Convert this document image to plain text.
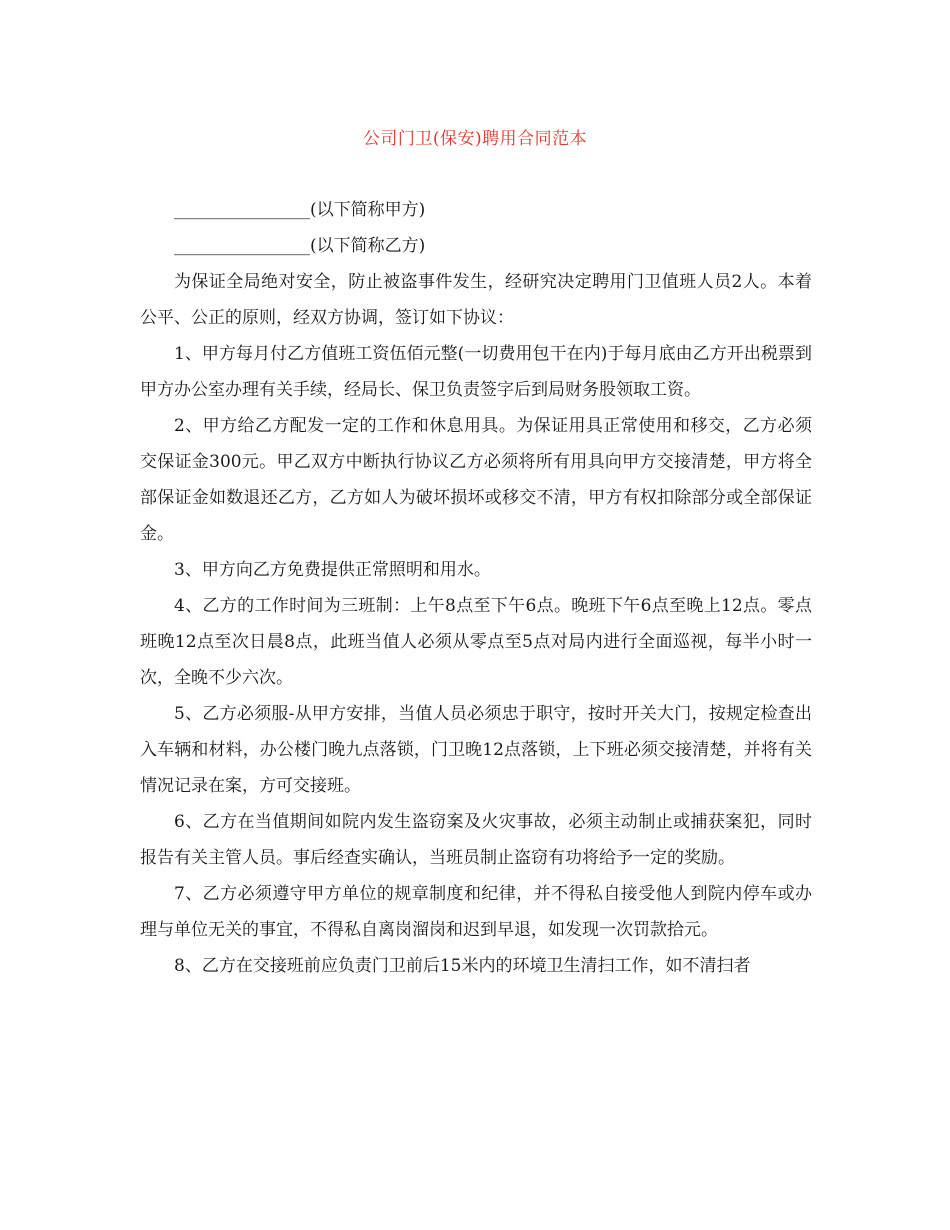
公司门卫(保安)聘用合同范本

________________(以下简称甲方)

________________(以下简称乙方)

为保证全局绝对安全，防止被盗事件发生，经研究决定聘用门卫值班人员2人。本着公平、公正的原则，经双方协调，签订如下协议：

1、甲方每月付乙方值班工资伍佰元整(一切费用包干在内)于每月底由乙方开出税票到甲方办公室办理有关手续，经局长、保卫负责签字后到局财务股领取工资。

2、甲方给乙方配发一定的工作和休息用具。为保证用具正常使用和移交，乙方必须交保证金300元。甲乙双方中断执行协议乙方必须将所有用具向甲方交接清楚，甲方将全部保证金如数退还乙方，乙方如人为破坏损坏或移交不清，甲方有权扣除部分或全部保证金。

3、甲方向乙方免费提供正常照明和用水。

4、乙方的工作时间为三班制：上午8点至下午6点。晚班下午6点至晚上12点。零点班晚12点至次日晨8点，此班当值人必须从零点至5点对局内进行全面巡视，每半小时一次，全晚不少六次。

5、乙方必须服-从甲方安排，当值人员必须忠于职守，按时开关大门，按规定检查出入车辆和材料，办公楼门晚九点落锁，门卫晚12点落锁，上下班必须交接清楚，并将有关情况记录在案，方可交接班。

6、乙方在当值期间如院内发生盗窃案及火灾事故，必须主动制止或捕获案犯，同时报告有关主管人员。事后经查实确认，当班员制止盗窃有功将给予一定的奖励。

7、乙方必须遵守甲方单位的规章制度和纪律，并不得私自接受他人到院内停车或办理与单位无关的事宜，不得私自离岗溜岗和迟到早退，如发现一次罚款拾元。

8、乙方在交接班前应负责门卫前后15米内的环境卫生清扫工作，如不清扫者
